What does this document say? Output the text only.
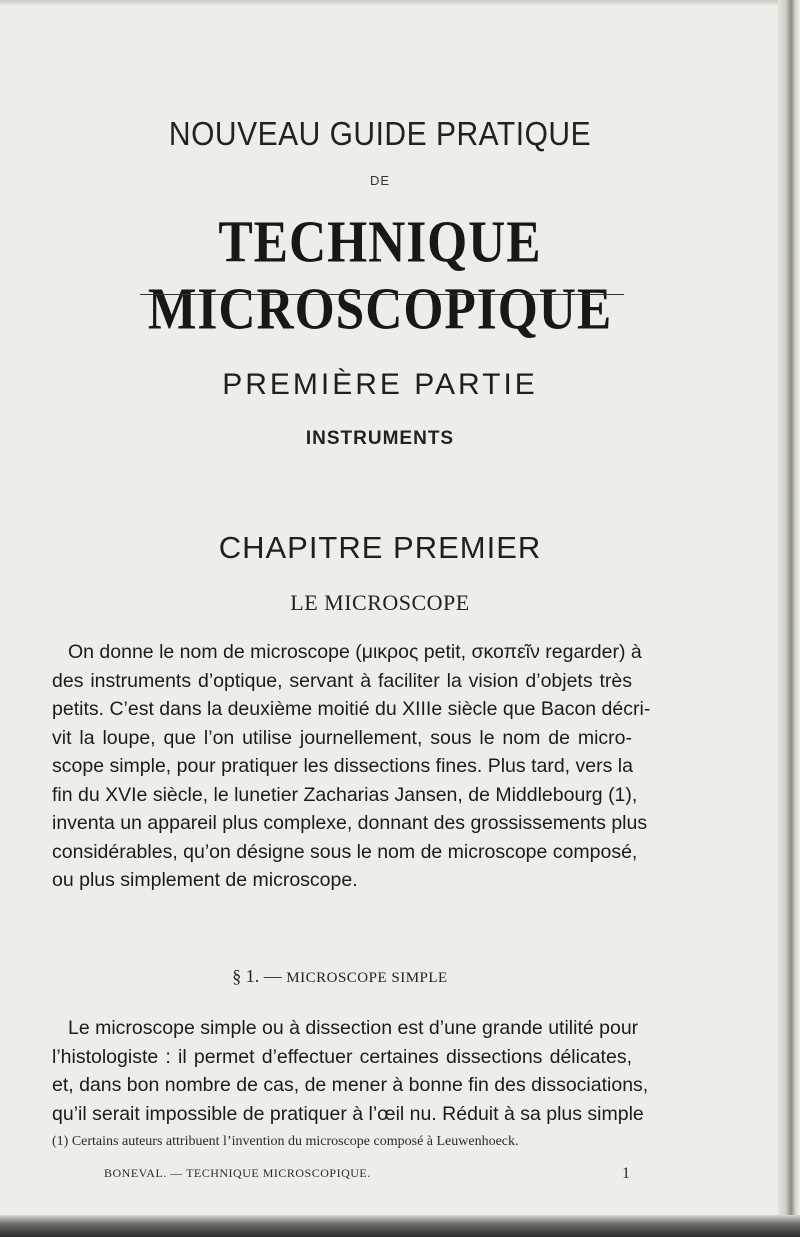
NOUVEAU GUIDE PRATIQUE
DE
TECHNIQUE MICROSCOPIQUE
PREMIÈRE PARTIE
INSTRUMENTS
CHAPITRE PREMIER
LE MICROSCOPE
On donne le nom de microscope (μικρος petit, σκοπεῖν regarder) à
des instruments d’optique, servant à faciliter la vision d’objets très
petits. C’est dans la deuxième moitié du XIIIe siècle que Bacon décri-
vit la loupe, que l’on utilise journellement, sous le nom de micro-
scope simple, pour pratiquer les dissections fines. Plus tard, vers la
fin du XVIe siècle, le lunetier Zacharias Jansen, de Middlebourg (1),
inventa un appareil plus complexe, donnant des grossissements plus
considérables, qu’on désigne sous le nom de microscope composé,
ou plus simplement de microscope.
§ 1. — MICROSCOPE SIMPLE
Le microscope simple ou à dissection est d’une grande utilité pour
l’histologiste : il permet d’effectuer certaines dissections délicates,
et, dans bon nombre de cas, de mener à bonne fin des dissociations,
qu’il serait impossible de pratiquer à l’œil nu. Réduit à sa plus simple
(1) Certains auteurs attribuent l’invention du microscope composé à Leuwenhoeck.
BONEVAL. — TECHNIQUE MICROSCOPIQUE.	1
